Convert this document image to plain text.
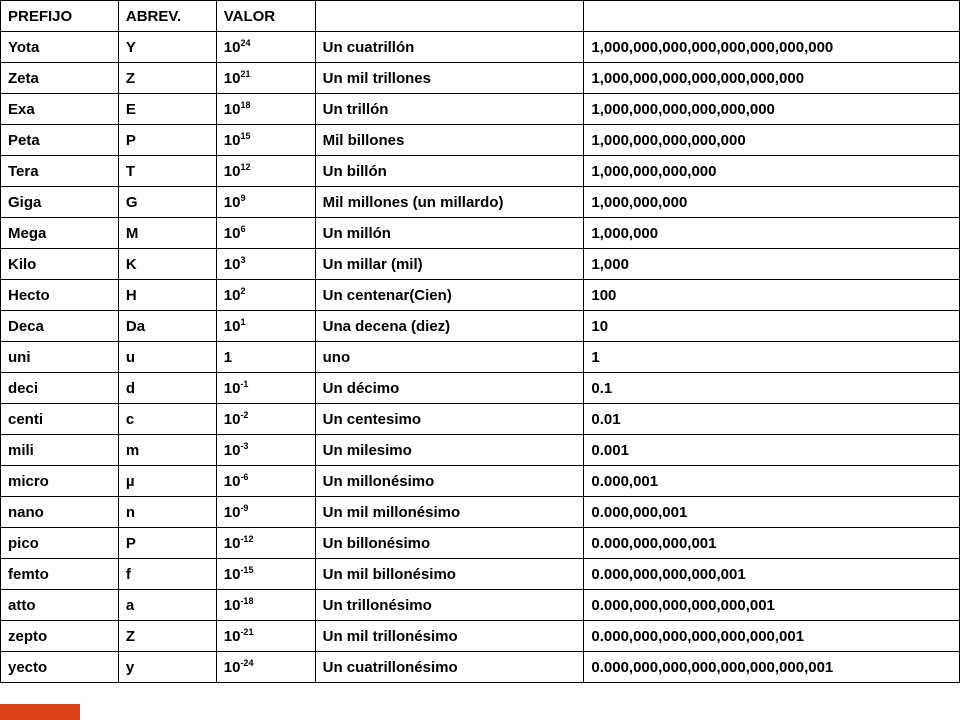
PREFIJO	ABREV.	VALOR		
Yota	Y	$10^{24}$	Un cuatrillón	1,000,000,000,000,000,000,000,000
Zeta	Z	$10^{21}$	Un mil trillones	1,000,000,000,000,000,000,000
Exa	E	$10^{18}$	Un trillón	1,000,000,000,000,000,000
Peta	P	$10^{15}$	Mil billones	1,000,000,000,000,000
Tera	T	$10^{12}$	Un billón	1,000,000,000,000
Giga	G	$10^9$	Mil millones (un millardo)	1,000,000,000
Mega	M	$10^6$	Un millón	1,000,000
Kilo	K	$10^3$	Un millar (mil)	1,000
Hecto	H	$10^2$	Un centenar(Cien)	100
Deca	Da	$10^1$	Una decena (diez)	10
uni	u	1	uno	1
deci	d	$10^{-1}$	Un décimo	0.1
centi	c	$10^{-2}$	Un centesimo	0.01
mili	m	$10^{-3}$	Un milesimo	0.001
micro	µ	$10^{-6}$	Un millonésimo	0.000,001
nano	n	$10^{-9}$	Un mil millonésimo	0.000,000,001
pico	P	$10^{-12}$	Un billonésimo	0.000,000,000,001
femto	f	$10^{-15}$	Un mil billonésimo	0.000,000,000,000,001
atto	a	$10^{-18}$	Un trillonésimo	0.000,000,000,000,000,001
zepto	Z	$10^{-21}$	Un mil trillonésimo	0.000,000,000,000,000,000,001
yecto	y	$10^{-24}$	Un cuatrillonésimo	0.000,000,000,000,000,000,000,001
